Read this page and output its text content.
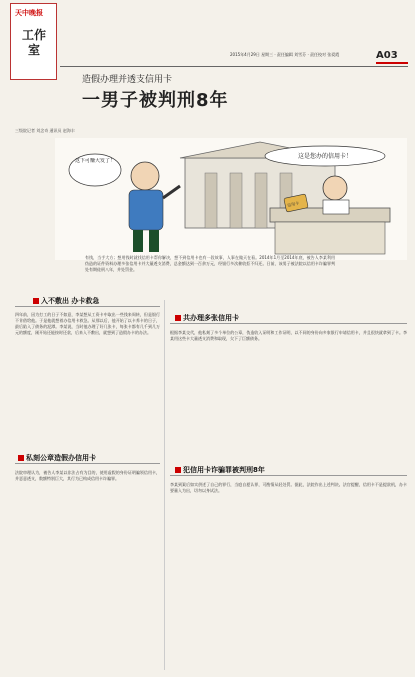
天中晚报
工作室	2015年4月29日 星期三 · 责任编辑 刘雪芬 · 责任校对 张爱霞	A03
造假办理并透支信用卡
一男子被判刑8年
三级院记者 刘念奇 通讯员 赵海丰
信用卡
这是您办的信用卡！
这下可赚大发了！
有钱，当手大方；想用钱时就找信用卡帮你解决，想不到信用卡也有一段故事，人事在做天在看。2014年1月至2014年底，被告人李某利用伪造的证件资料办理多张信用卡并大量透支消费，总金额达到一百余万元，经银行多次催收拒不归还。日前，该男子被法院以信用卡诈骗罪判处有期徒刑八年，并处罚金。
入不敷出 办卡救急
共办理多张信用卡
私刻公章造假办信用卡
犯信用卡诈骗罪被判刑8年
四年前，因为打工的日子不如意，李某想从工资卡中取出一些钱来周转，但是银行不肯借给他。于是他就想着办信用卡救急。从那以后，他开始了以卡养卡的日子，最后陷入了债务的泥潭。李某说，当时他办理了好几张卡，每张卡都有几千到几万元的额度，刚开始还能按时还款，后来入不敷出，就想到了造假办卡的办法。
法院审理认为，被告人李某以非法占有为目的，使用虚假的身份证明骗领信用卡，并恶意透支，数额特别巨大，其行为已构成信用卡诈骗罪。
根据李某交代，他私刻了多个单位的公章，伪造收入证明和工作证明，以不同的身份向多家银行申请信用卡，并且很快就拿到了卡。李某用这些卡大量透支消费和取现，欠下了巨额债务。
李某到案后如实供述了自己的罪行，当庭自愿认罪，可酌情从轻处罚。据此，法院作出上述判决。法官提醒，信用卡不是提款机，办卡要量入为出，切勿以身试法。
